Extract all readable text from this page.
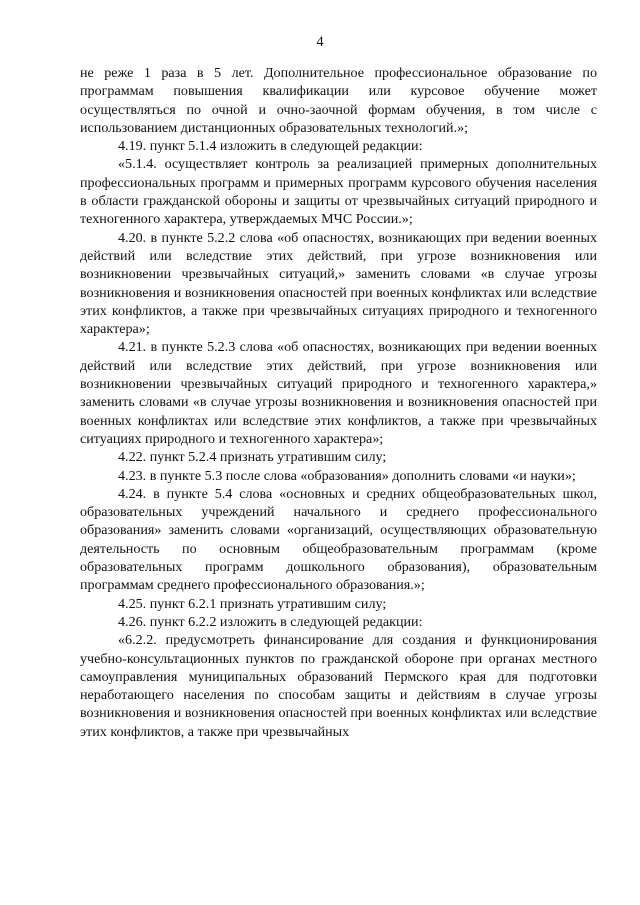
4

не реже 1 раза в 5 лет. Дополнительное профессиональное образование по программам повышения квалификации или курсовое обучение может осуществляться по очной и очно-заочной формам обучения, в том числе с использованием дистанционных образовательных технологий.»;

4.19. пункт 5.1.4 изложить в следующей редакции:

«5.1.4. осуществляет контроль за реализацией примерных дополнительных профессиональных программ и примерных программ курсового обучения населения в области гражданской обороны и защиты от чрезвычайных ситуаций природного и техногенного характера, утверждаемых МЧС России.»;

4.20. в пункте 5.2.2 слова «об опасностях, возникающих при ведении военных действий или вследствие этих действий, при угрозе возникновения или возникновении чрезвычайных ситуаций,» заменить словами «в случае угрозы возникновения и возникновения опасностей при военных конфликтах или вследствие этих конфликтов, а также при чрезвычайных ситуациях природного и техногенного характера»;

4.21. в пункте 5.2.3 слова «об опасностях, возникающих при ведении военных действий или вследствие этих действий, при угрозе возникновения или возникновении чрезвычайных ситуаций природного и техногенного характера,» заменить словами «в случае угрозы возникновения и возникновения опасностей при военных конфликтах или вследствие этих конфликтов, а также при чрезвычайных ситуациях природного и техногенного характера»;

4.22. пункт 5.2.4 признать утратившим силу;

4.23. в пункте 5.3 после слова «образования» дополнить словами «и науки»;

4.24. в пункте 5.4 слова «основных и средних общеобразовательных школ, образовательных учреждений начального и среднего профессионального образования» заменить словами «организаций, осуществляющих образовательную деятельность по основным общеобразовательным программам (кроме образовательных программ дошкольного образования), образовательным программам среднего профессионального образования.»;

4.25. пункт 6.2.1 признать утратившим силу;

4.26. пункт 6.2.2 изложить в следующей редакции:

«6.2.2. предусмотреть финансирование для создания и функционирования учебно-консультационных пунктов по гражданской обороне при органах местного самоуправления муниципальных образований Пермского края для подготовки неработающего населения по способам защиты и действиям в случае угрозы возникновения и возникновения опасностей при военных конфликтах или вследствие этих конфликтов, а также при чрезвычайных
